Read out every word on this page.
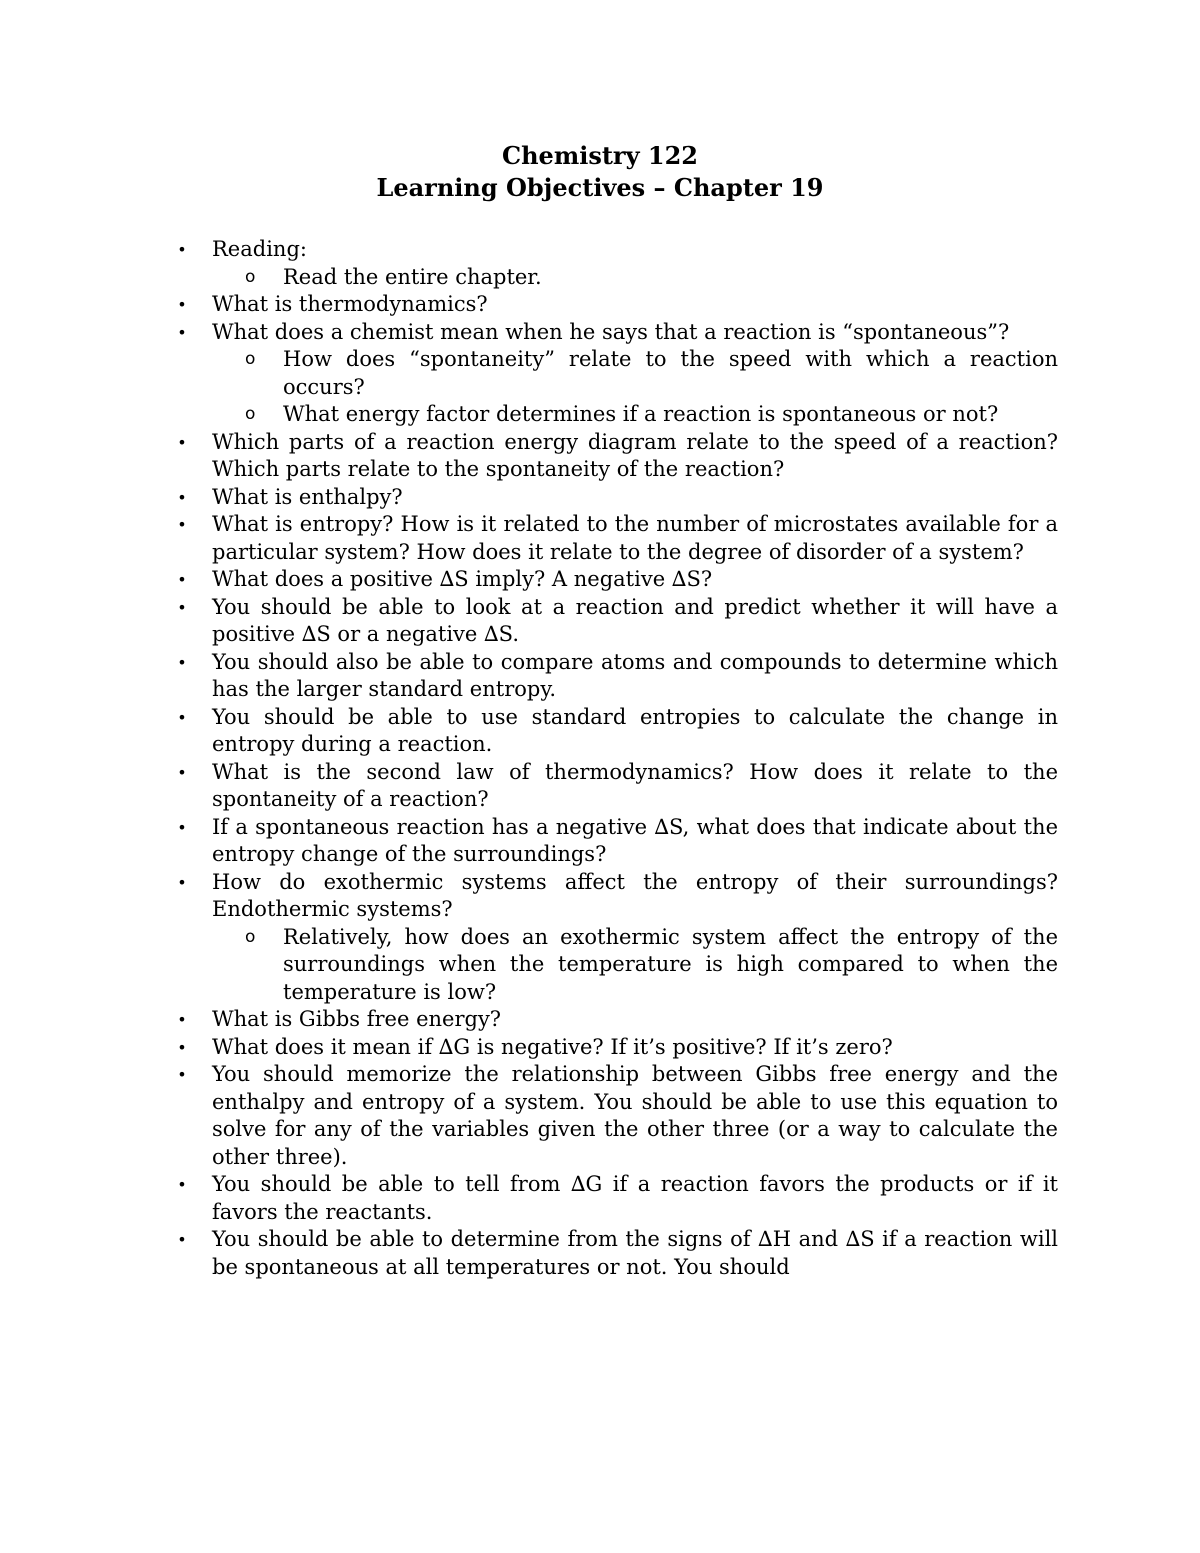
Chemistry 122

Learning Objectives – Chapter 19

• Reading:
o Read the entire chapter.
• What is thermodynamics?
• What does a chemist mean when he says that a reaction is “spontaneous”?
o How does “spontaneity” relate to the speed with which a reaction occurs?
o What energy factor determines if a reaction is spontaneous or not?
• Which parts of a reaction energy diagram relate to the speed of a reaction? Which parts relate to the spontaneity of the reaction?
• What is enthalpy?
• What is entropy? How is it related to the number of microstates available for a particular system? How does it relate to the degree of disorder of a system?
• What does a positive ∆S imply? A negative ∆S?
• You should be able to look at a reaction and predict whether it will have a positive ∆S or a negative ∆S.
• You should also be able to compare atoms and compounds to determine which has the larger standard entropy.
• You should be able to use standard entropies to calculate the change in entropy during a reaction.
• What is the second law of thermodynamics? How does it relate to the spontaneity of a reaction?
• If a spontaneous reaction has a negative ∆S, what does that indicate about the entropy change of the surroundings?
• How do exothermic systems affect the entropy of their surroundings? Endothermic systems?
o Relatively, how does an exothermic system affect the entropy of the surroundings when the temperature is high compared to when the temperature is low?
• What is Gibbs free energy?
• What does it mean if ∆G is negative? If it’s positive? If it’s zero?
• You should memorize the relationship between Gibbs free energy and the enthalpy and entropy of a system. You should be able to use this equation to solve for any of the variables given the other three (or a way to calculate the other three).
• You should be able to tell from ∆G if a reaction favors the products or if it favors the reactants.
• You should be able to determine from the signs of ∆H and ∆S if a reaction will be spontaneous at all temperatures or not. You should
